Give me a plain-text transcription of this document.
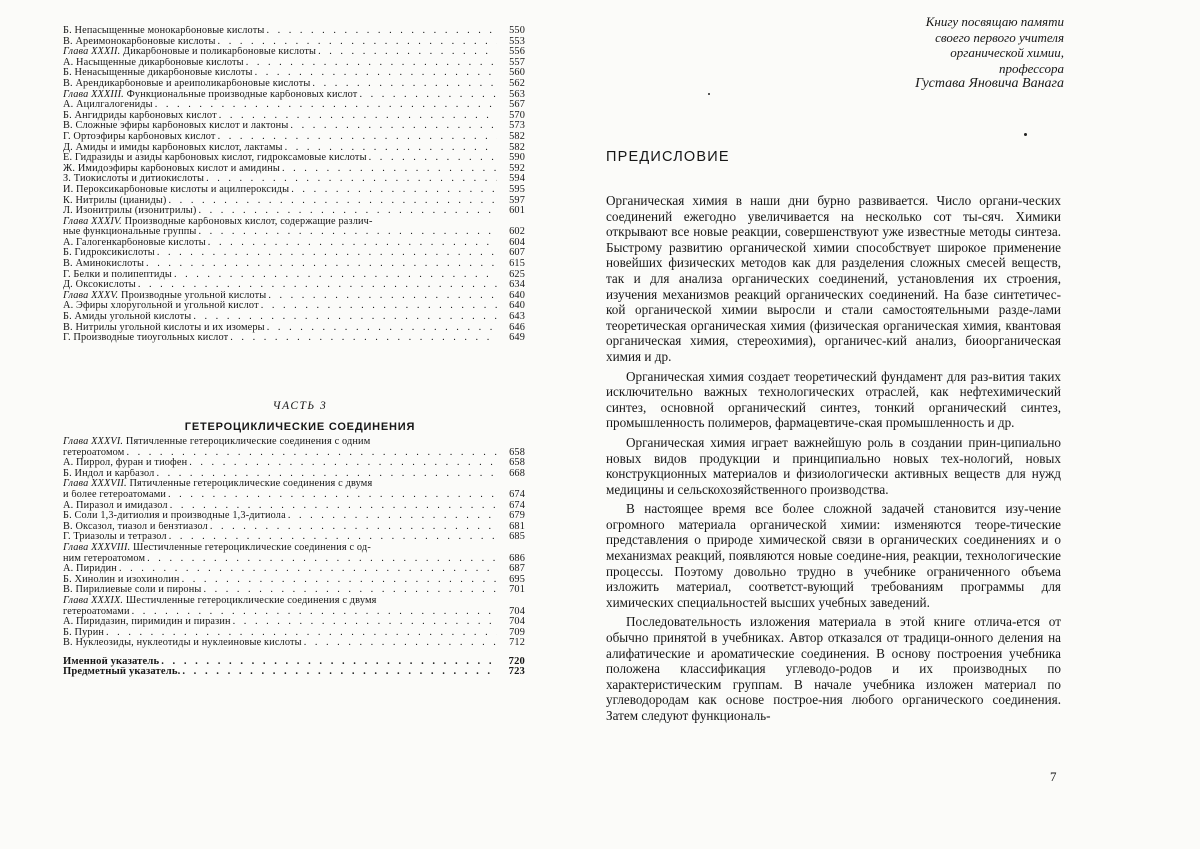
Б. Непасыщенные монокарбоновые кислоты . . .	550
В. Ареимонокарбоновые кислоты . . .	553
Глава XXXII. Дикарбоновые и поликарбоновые кислоты . . .	556
А. Насыщенные дикарбоновые кислоты . . .	557
Б. Ненасыщенные дикарбоновые кислоты . . .	560
В. Арендикарбоновые и ареиполикарбоновые кислоты . . .	562
Глава XXXIII. Функциональные производные карбоновых кислот . . .	563
А. Ацилгалогениды . . .	567
Б. Ангидриды карбоновых кислот . . .	570
В. Сложные эфиры карбоновых кислот и лактоны . . .	573
Г. Ортоэфиры карбоновых кислот . . .	582
Д. Амиды и имиды карбоновых кислот, лактамы . . .	582
Е. Гидразиды и азиды карбоновых кислот, гидроксамовые кислоты . . .	590
Ж. Имидоэфиры карбоновых кислот и амидины . . .	592
З. Тиокислоты и дитиокислоты . . .	594
И. Пероксикарбоновые кислоты и ацилпероксиды . . .	595
К. Нитрилы (цианиды) . . .	597
Л. Изонитрилы (изонитрилы) . . .	601
Глава XXXIV. Производные карбоновых кислот, содержащие различ-
ные функциональные группы . . .	602
А. Галогенкарбоновые кислоты . . .	604
Б. Гидроксикислоты . . .	607
В. Аминокислоты . . .	615
Г. Белки и полипептиды . . .	625
Д. Оксокислоты . . .	634
Глава XXXV. Производные угольной кислоты . . .	640
А. Эфиры хлоругольной и угольной кислот . . .	640
Б. Амиды угольной кислоты . . .	643
В. Нитрилы угольной кислоты и их изомеры . . .	646
Г. Производные тиоугольных кислот . . .	649
ЧАСТЬ 3
ГЕТЕРОЦИКЛИЧЕСКИЕ СОЕДИНЕНИЯ
Глава XXXVI. Пятичленные гетероциклические соединения с одним
гетероатомом . . .	658
А. Пиррол, фуран и тиофен . . .	658
Б. Индол и карбазол . . .	668
Глава XXXVII. Пятичленные гетероциклические соединения с двумя
и более гетероатомами . . .	674
А. Пиразол и имидазол . . .	674
Б. Соли 1,3-дитиолия и производные 1,3-дитиола . . .	679
В. Оксазол, тиазол и бензтиазол . . .	681
Г. Триазолы и тетразол . . .	685
Глава XXXVIII. Шестичленные гетероциклические соединения с од-
ним гетероатомом . . .	686
А. Пиридин . . .	687
Б. Хинолин и изохинолин . . .	695
В. Пирилиевые соли и пироны . . .	701
Глава XXXIX. Шестичленные гетероциклические соединения с двумя
гетероатомами . . .	704
А. Пиридазин, пиримидин и пиразин . . .	704
Б. Пурин . . .	709
В. Нуклеозиды, нуклеотиды и нуклеиновые кислоты . . .	712
Именной указатель . . .	720
Предметный указатель. . . .	723
Книгу посвящаю памяти
своего первого учителя
органической химии,
профессора
Густава Яновича Ванага
ПРЕДИСЛОВИЕ

Органическая химия в наши дни бурно развивается. Число органи-ческих соединений ежегодно увеличивается на несколько сот ты-сяч. Химики открывают все новые реакции, совершенствуют уже известные методы синтеза. Быстрому развитию органической химии способствует широкое применение новейших физических методов как для разделения сложных смесей веществ, так и для анализа органических соединений, установления их строения, изучения механизмов реакций органических соединений. На базе синтетичес-кой органической химии выросли и стали самостоятельными разде-лами теоретическая органическая химия (физическая органическая химия, квантовая органическая химия, стереохимия), органичес-кий анализ, биоорганическая химия и др.

Органическая химия создает теоретический фундамент для раз-вития таких исключительно важных технологических отраслей, как нефтехимический синтез, основной органический синтез, тонкий органический синтез, промышленность полимеров, фармацевтиче-ская промышленность и др.

Органическая химия играет важнейшую роль в создании прин-ципиально новых видов продукции и принципиально новых тех-нологий, новых конструкционных материалов и физиологически активных веществ для нужд медицины и сельскохозяйственного производства.

В настоящее время все более сложной задачей становится изу-чение огромного материала органической химии: изменяются теоре-тические представления о природе химической связи в органических соединениях и о механизмах реакций, появляются новые соедине-ния, реакции, технологические процессы. Поэтому довольно трудно в учебнике ограниченного объема изложить материал, соответст-вующий требованиям программы для химических специальностей высших учебных заведений.

Последовательность изложения материала в этой книге отлича-ется от обычно принятой в учебниках. Автор отказался от традици-онного деления на алифатические и ароматические соединения. В основу построения учебника положена классификация углеводо-родов и их производных по характеристическим группам. В начале учебника изложен материал по углеводородам как основе построе-ния любого органического соединения. Затем следуют функциональ-

7
